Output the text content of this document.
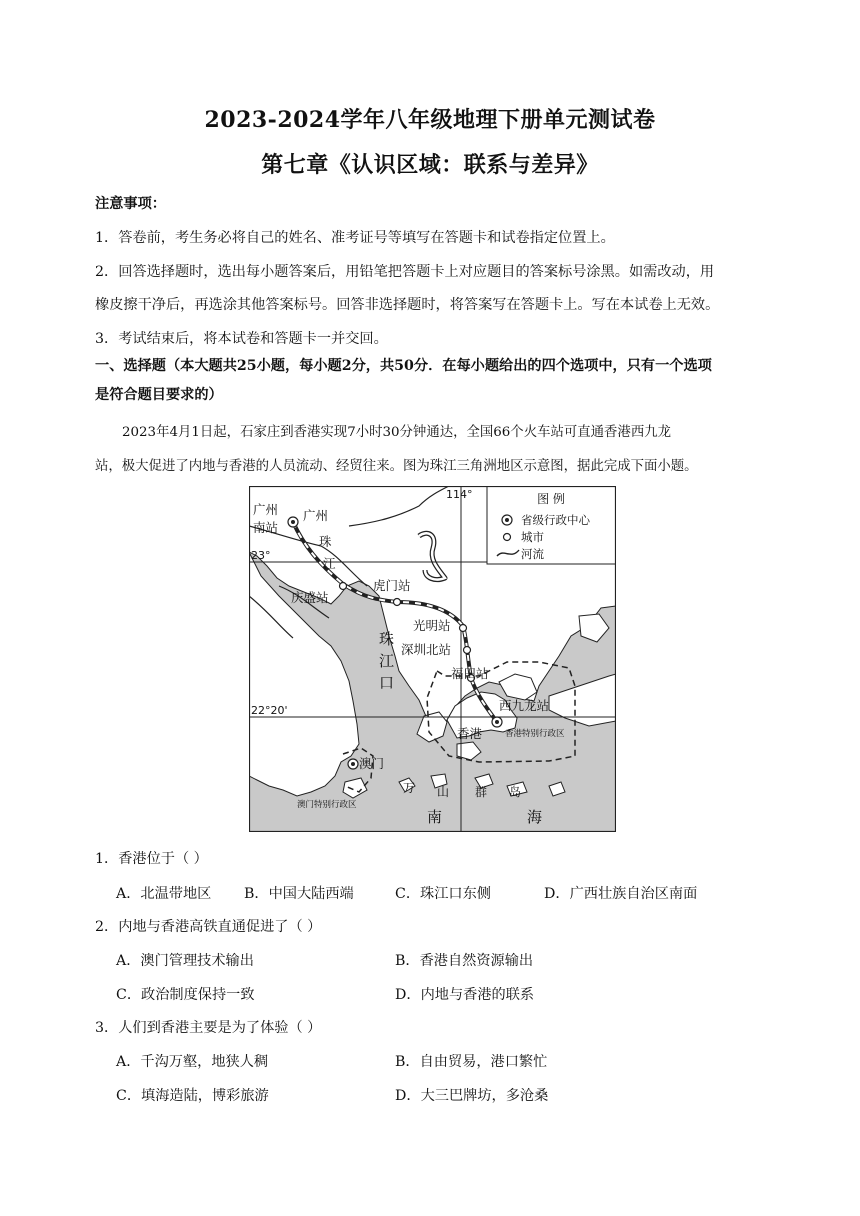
2023-2024学年八年级地理下册单元测试卷
第七章《认识区域：联系与差异》
注意事项：
1．答卷前，考生务必将自己的姓名、准考证号等填写在答题卡和试卷指定位置上。
2．回答选择题时，选出每小题答案后，用铅笔把答题卡上对应题目的答案标号涂黑。如需改动，用
橡皮擦干净后，再选涂其他答案标号。回答非选择题时，将答案写在答题卡上。写在本试卷上无效。
3．考试结束后，将本试卷和答题卡一并交回。
一、选择题（本大题共25小题，每小题2分，共50分．在每小题给出的四个选项中，只有一个选项
是符合题目要求的）
2023年4月1日起，石家庄到香港实现7小时30分钟通达，全国66个火车站可直通香港西九龙
站，极大促进了内地与香港的人员流动、经贸往来。图为珠江三角洲地区示意图，据此完成下面小题。
图 例
省级行政中心
城市
河流
114°
23°
22°20'
广州
南站
广州
珠
江
庆盛站
虎门站
光明站
深圳北站
福田站
珠
江
口
西九龙站
香港	香港特别行政区
澳门
澳门特别行政区
万 山 群 岛
南	海
1．香港位于（ ）
A．北温带地区 B．中国大陆西端	C．珠江口东侧	D．广西壮族自治区南面
2．内地与香港高铁直通促进了（ ）
A．澳门管理技术输出	B．香港自然资源输出
C．政治制度保持一致	D．内地与香港的联系
3．人们到香港主要是为了体验（ ）
A．千沟万壑，地狭人稠	B．自由贸易，港口繁忙
C．填海造陆，博彩旅游	D．大三巴牌坊，多沧桑
